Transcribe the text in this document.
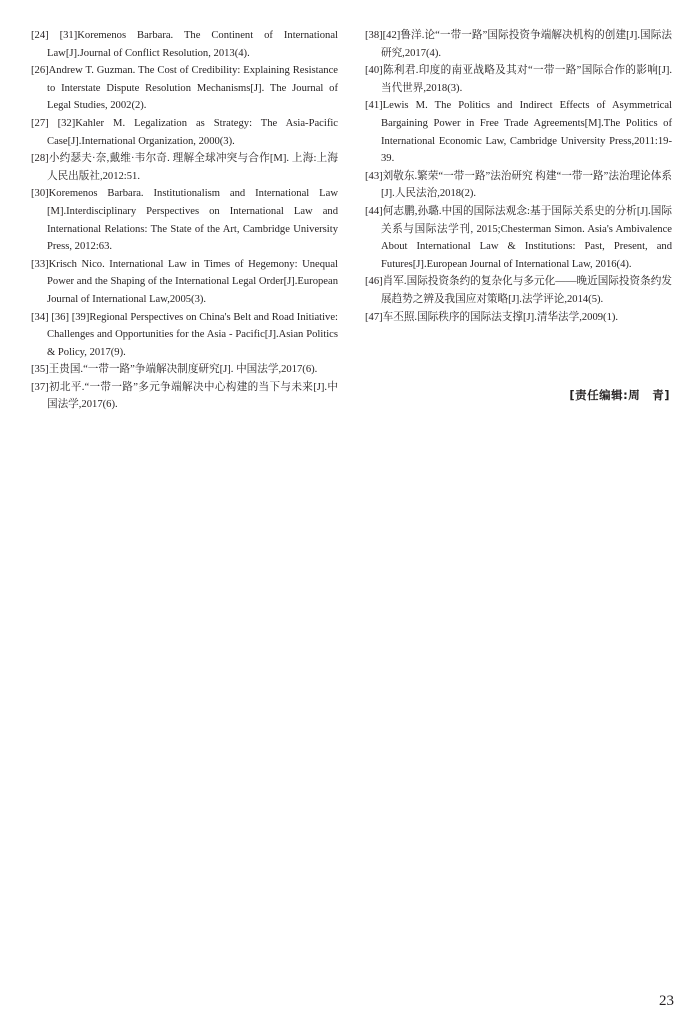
[24] [31]Koremenos Barbara. The Continent of International Law[J].Journal of Conflict Resolution, 2013(4).

[26]Andrew T. Guzman. The Cost of Credibility: Explaining Resistance to Interstate Dispute Resolution Mechanisms[J]. The Journal of Legal Studies, 2002(2).

[27] [32]Kahler M. Legalization as Strategy: The Asia-Pacific Case[J].International Organization, 2000(3).

[28]小约瑟夫·奈,戴维·韦尔奇. 理解全球冲突与合作[M]. 上海:上海人民出版社,2012:51.

[30]Koremenos Barbara. Institutionalism and International Law [M].Interdisciplinary Perspectives on International Law and International Relations: The State of the Art, Cambridge University Press, 2012:63.

[33]Krisch Nico. International Law in Times of Hegemony: Unequal Power and the Shaping of the International Legal Order[J].European Journal of International Law,2005(3).

[34] [36] [39]Regional Perspectives on China's Belt and Road Initiative: Challenges and Opportunities for the Asia - Pacific[J].Asian Politics & Policy, 2017(9).

[35]王贵国.“一带一路”争端解决制度研究[J]. 中国法学,2017(6).

[37]初北平.“一带一路”多元争端解决中心构建的当下与未来[J].中国法学,2017(6).

[38][42]鲁洋.论“一带一路”国际投资争端解决机构的创建[J].国际法研究,2017(4).

[40]陈利君.印度的南亚战略及其对“一带一路”国际合作的影响[J].当代世界,2018(3).

[41]Lewis M. The Politics and Indirect Effects of Asymmetrical Bargaining Power in Free Trade Agreements[M].The Politics of International Economic Law, Cambridge University Press,2011:19-39.

[43]刘敬东.繁荣“一带一路”法治研究 构建“一带一路”法治理论体系[J].人民法治,2018(2).

[44]何志鹏,孙璐.中国的国际法观念:基于国际关系史的分析[J].国际关系与国际法学刊, 2015;Chesterman Simon. Asia's Ambivalence About International Law & Institutions: Past, Present, and Futures[J].European Journal of International Law, 2016(4).

[46]肖军.国际投资条约的复杂化与多元化——晚近国际投资条约发展趋势之辨及我国应对策略[J].法学评论,2014(5).

[47]车丕照.国际秩序的国际法支撑[J].清华法学,2009(1).

[责任编辑:周　青]
23
